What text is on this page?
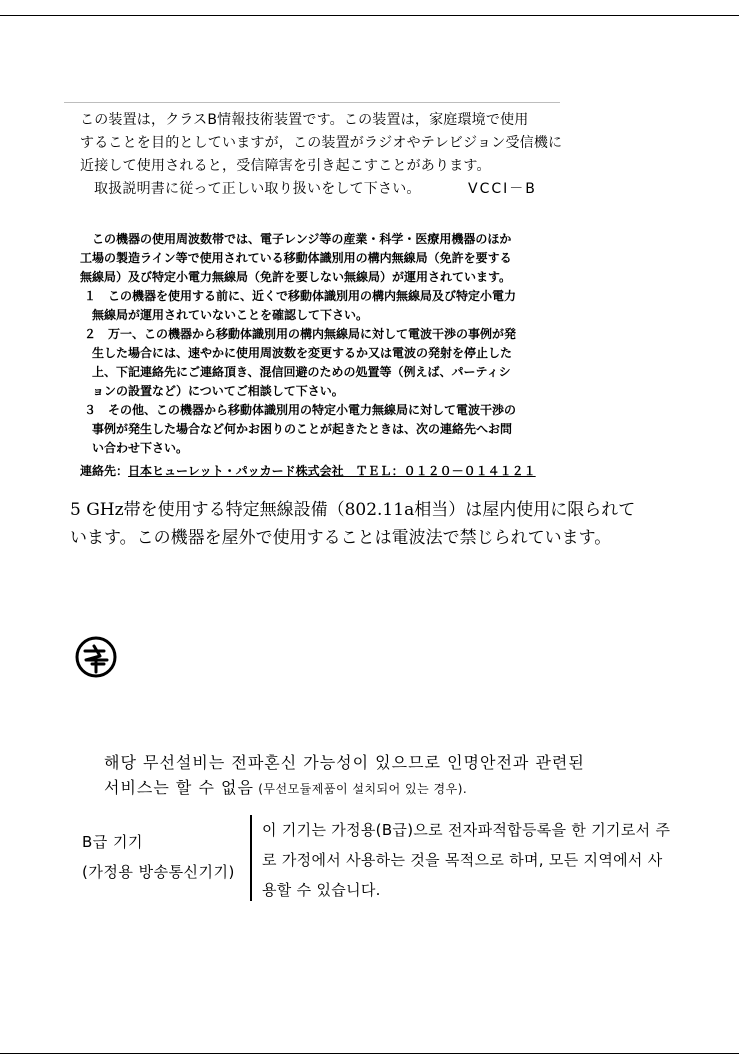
この装置は，クラスB情報技術装置です。この装置は，家庭環境で使用
することを目的としていますが，この装置がラジオやテレビジョン受信機に
近接して使用されると，受信障害を引き起こすことがあります。
取扱説明書に従って正しい取り扱いをして下さい。	VCCI－B
この機器の使用周波数帯では、電子レンジ等の産業・科学・医療用機器のほか
工場の製造ライン等で使用されている移動体識別用の構内無線局（免許を要する
無線局）及び特定小電力無線局（免許を要しない無線局）が運用されています。
１　この機器を使用する前に、近くで移動体識別用の構内無線局及び特定小電力
無線局が運用されていないことを確認して下さい。
２　万一、この機器から移動体識別用の構内無線局に対して電波干渉の事例が発
生した場合には、速やかに使用周波数を変更するか又は電波の発射を停止した
上、下記連絡先にご連絡頂き、混信回避のための処置等（例えば、パーティシ
ョンの設置など）についてご相談して下さい。
３　その他、この機器から移動体識別用の特定小電力無線局に対して電波干渉の
事例が発生した場合など何かお困りのことが起きたときは、次の連絡先へお問
い合わせ下さい。
連絡先：日本ヒューレット・パッカード株式会社　ＴＥＬ：０１２０－０１４１２１
5 GHz帯を使用する特定無線設備（802.11a相当）は屋内使用に限られて
います。この機器を屋外で使用することは電波法で禁じられています。
해당 무선설비는 전파혼신 가능성이 있으므로 인명안전과 관련된
서비스는 할 수 없음 (무선모듈제품이 설치되어 있는 경우).
B급 기기
(가정용 방송통신기기)
이 기기는 가정용(B급)으로 전자파적합등록을 한 기기로서 주
로 가정에서 사용하는 것을 목적으로 하며, 모든 지역에서 사
용할 수 있습니다.
